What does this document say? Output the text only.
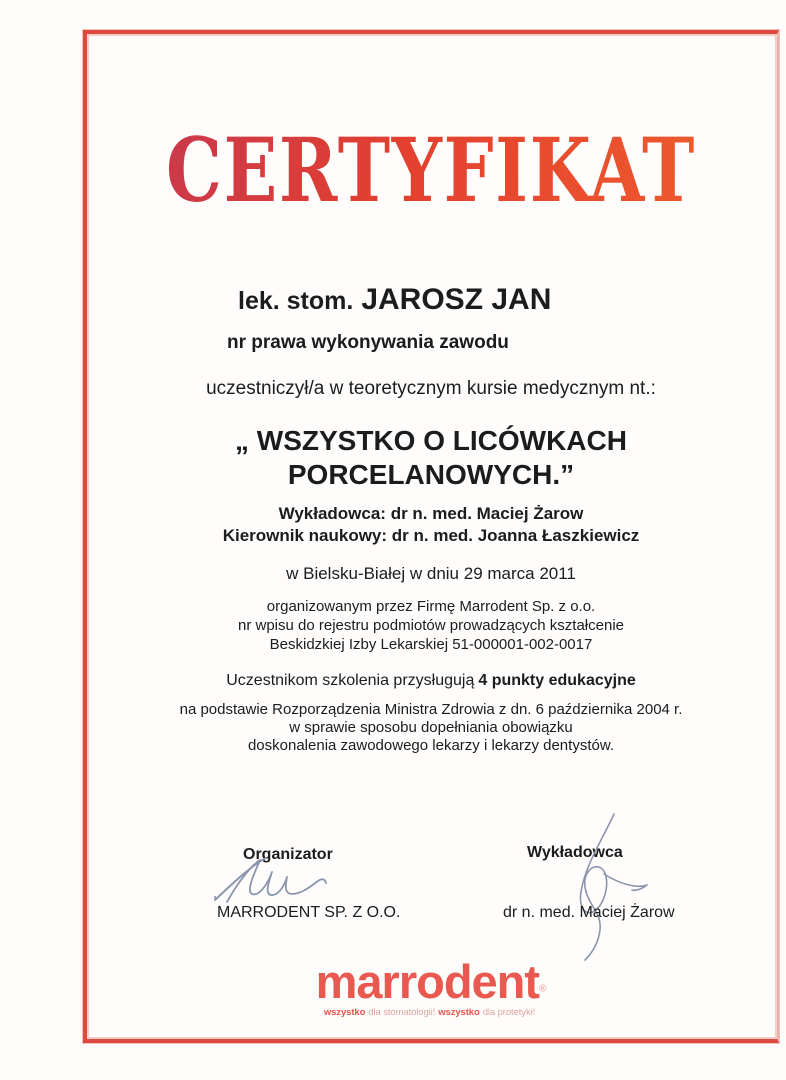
CERTYFIKAT
lek. stom. JAROSZ JAN
nr prawa wykonywania zawodu
uczestniczył/a w teoretycznym kursie medycznym nt.:
„ WSZYSTKO O LICÓWKACH
PORCELANOWYCH.”
Wykładowca: dr n. med. Maciej Żarow
Kierownik naukowy: dr n. med. Joanna Łaszkiewicz
w Bielsku-Białej w dniu 29 marca 2011
organizowanym przez Firmę Marrodent Sp. z o.o.
nr wpisu do rejestru podmiotów prowadzących kształcenie
Beskidzkiej Izby Lekarskiej 51-000001-002-0017
Uczestnikom szkolenia przysługują 4 punkty edukacyjne
na podstawie Rozporządzenia Ministra Zdrowia z dn. 6 października 2004 r.
w sprawie sposobu dopełniania obowiązku
doskonalenia zawodowego lekarzy i lekarzy dentystów.
Organizator	Wykładowca
MARRODENT SP. Z O.O.	dr n. med. Maciej Żarow
marrodent®
wszystko dla stomatologii! wszystko dla protetyki!
